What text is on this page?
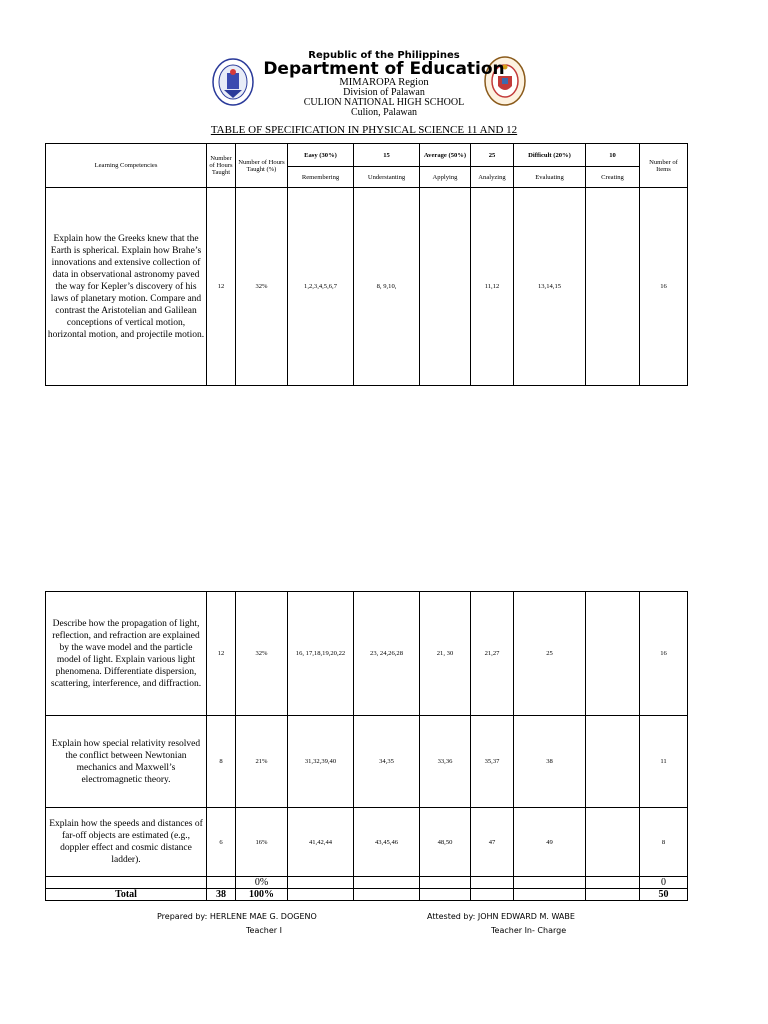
Republic of the Philippines
Department of Education
MIMAROPA Region
Division of Palawan
CULION NATIONAL HIGH SCHOOL
Culion, Palawan
TABLE OF SPECIFICATION IN PHYSICAL SCIENCE 11 AND 12
Learning Competencies	Number of Hours Taught	Number of Hours Taught (%)	Easy (30%)	15	Average (50%)	25	Difficult (20%)	10	Number of Items
			Remembering	Understanting	Applying	Analyzing	Evaluating	Creating	
Explain how the Greeks knew that the Earth is spherical. Explain how Brahe’s innovations and extensive collection of data in observational astronomy paved the way for Kepler’s discovery of his laws of planetary motion. Compare and contrast the Aristotelian and Galilean conceptions of vertical motion, horizontal motion, and projectile motion.	12	32%	1,2,3,4,5,6,7	8, 9,10,		11,12	13,14,15		16
Describe how the propagation of light, reflection, and refraction are explained by the wave model and the particle model of light. Explain various light phenomena. Differentiate dispersion, scattering, interference, and diffraction.	12	32%	16, 17,18,19,20,22	23, 24,26,28	21, 30	21,27	25		16
Explain how special relativity resolved the conflict between Newtonian mechanics and Maxwell’s electromagnetic theory.	8	21%	31,32,39,40	34,35	33,36	35,37	38		11
Explain how the speeds and distances of far-off objects are estimated (e.g., doppler effect and cosmic distance ladder).	6	16%	41,42,44	43,45,46	48,50	47	49		8
		0%							0
Total	38	100%							50
Prepared by: HERLENE MAE G. DOGENO
Teacher I
Attested by: JOHN EDWARD M. WABE
Teacher In- Charge
